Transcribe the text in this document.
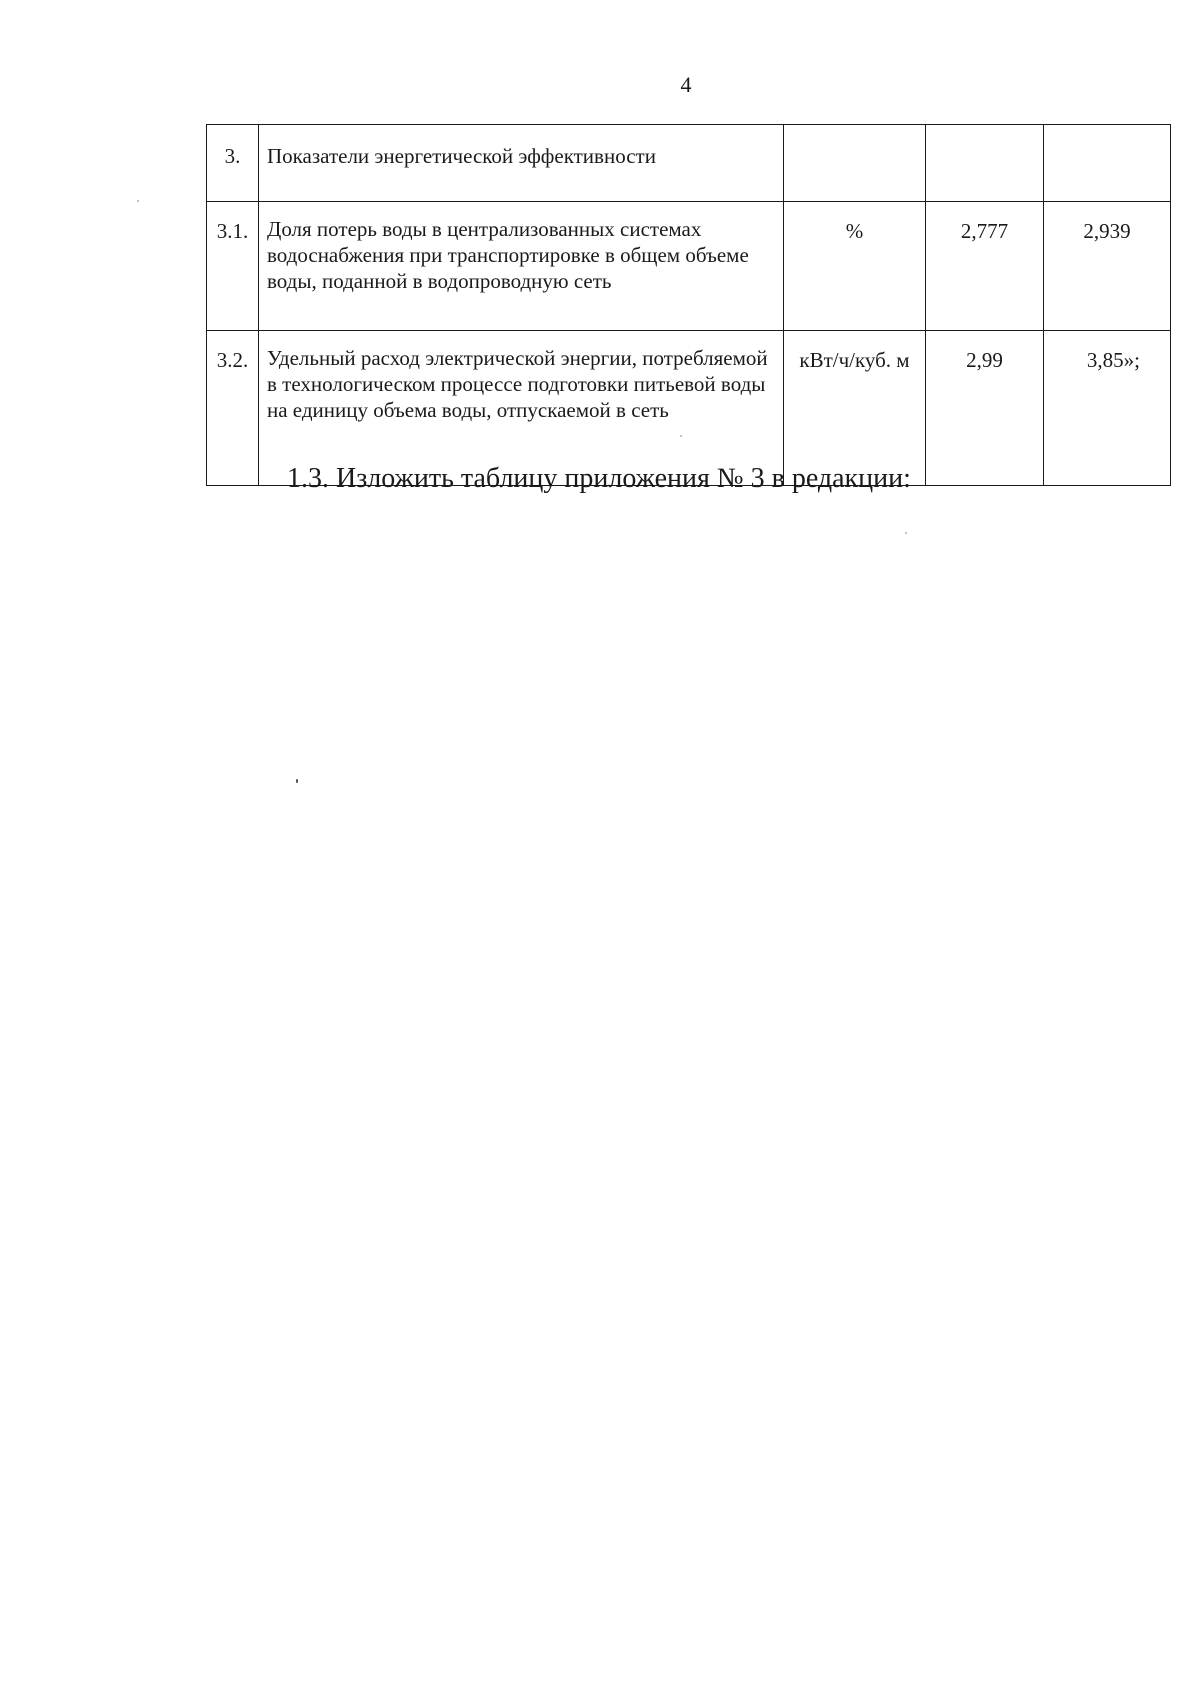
4
3.	Показатели энергетической эффективности			
3.1.	Доля потерь воды в централизованных системах водоснабжения при транспортировке в общем объеме воды, поданной в водопроводную сеть	%	2,777	2,939
3.2.	Удельный расход электрической энергии, потребляемой в технологическом процессе подготовки питьевой воды на единицу объема воды, отпускаемой в сеть	кВт/ч/куб. м	2,99	3,85»;
1.3. Изложить таблицу приложения № 3 в редакции:
